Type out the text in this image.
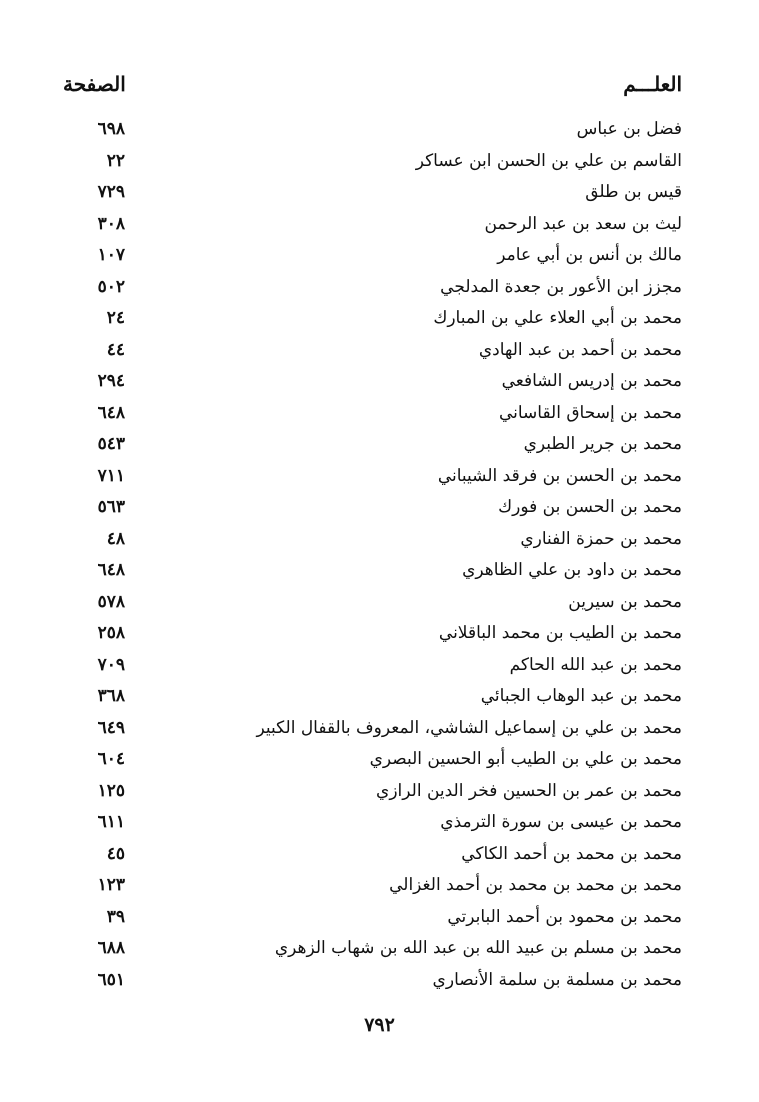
العلـــم
الصفحة
فضل بن عباس
٦٩٨
القاسم بن علي بن الحسن ابن عساكر
٢٢
قيس بن طلق
٧٢٩
ليث بن سعد بن عبد الرحمن
٣٠٨
مالك بن أنس بن أبي عامر
١٠٧
مجزز ابن الأعور بن جعدة المدلجي
٥٠٢
محمد بن أبي العلاء علي بن المبارك
٢٤
محمد بن أحمد بن عبد الهادي
٤٤
محمد بن إدريس الشافعي
٢٩٤
محمد بن إسحاق القاساني
٦٤٨
محمد بن جرير الطبري
٥٤٣
محمد بن الحسن بن فرقد الشيباني
٧١١
محمد بن الحسن بن فورك
٥٦٣
محمد بن حمزة الفناري
٤٨
محمد بن داود بن علي الظاهري
٦٤٨
محمد بن سيرين
٥٧٨
محمد بن الطيب بن محمد الباقلاني
٢٥٨
محمد بن عبد الله الحاكم
٧٠٩
محمد بن عبد الوهاب الجبائي
٣٦٨
محمد بن علي بن إسماعيل الشاشي، المعروف بالقفال الكبير
٦٤٩
محمد بن علي بن الطيب أبو الحسين البصري
٦٠٤
محمد بن عمر بن الحسين فخر الدين الرازي
١٢٥
محمد بن عيسى بن سورة الترمذي
٦١١
محمد بن محمد بن أحمد الكاكي
٤٥
محمد بن محمد بن محمد بن أحمد الغزالي
١٢٣
محمد بن محمود بن أحمد البابرتي
٣٩
محمد بن مسلم بن عبيد الله بن عبد الله بن شهاب الزهري
٦٨٨
محمد بن مسلمة بن سلمة الأنصاري
٦٥١
٧٩٢
